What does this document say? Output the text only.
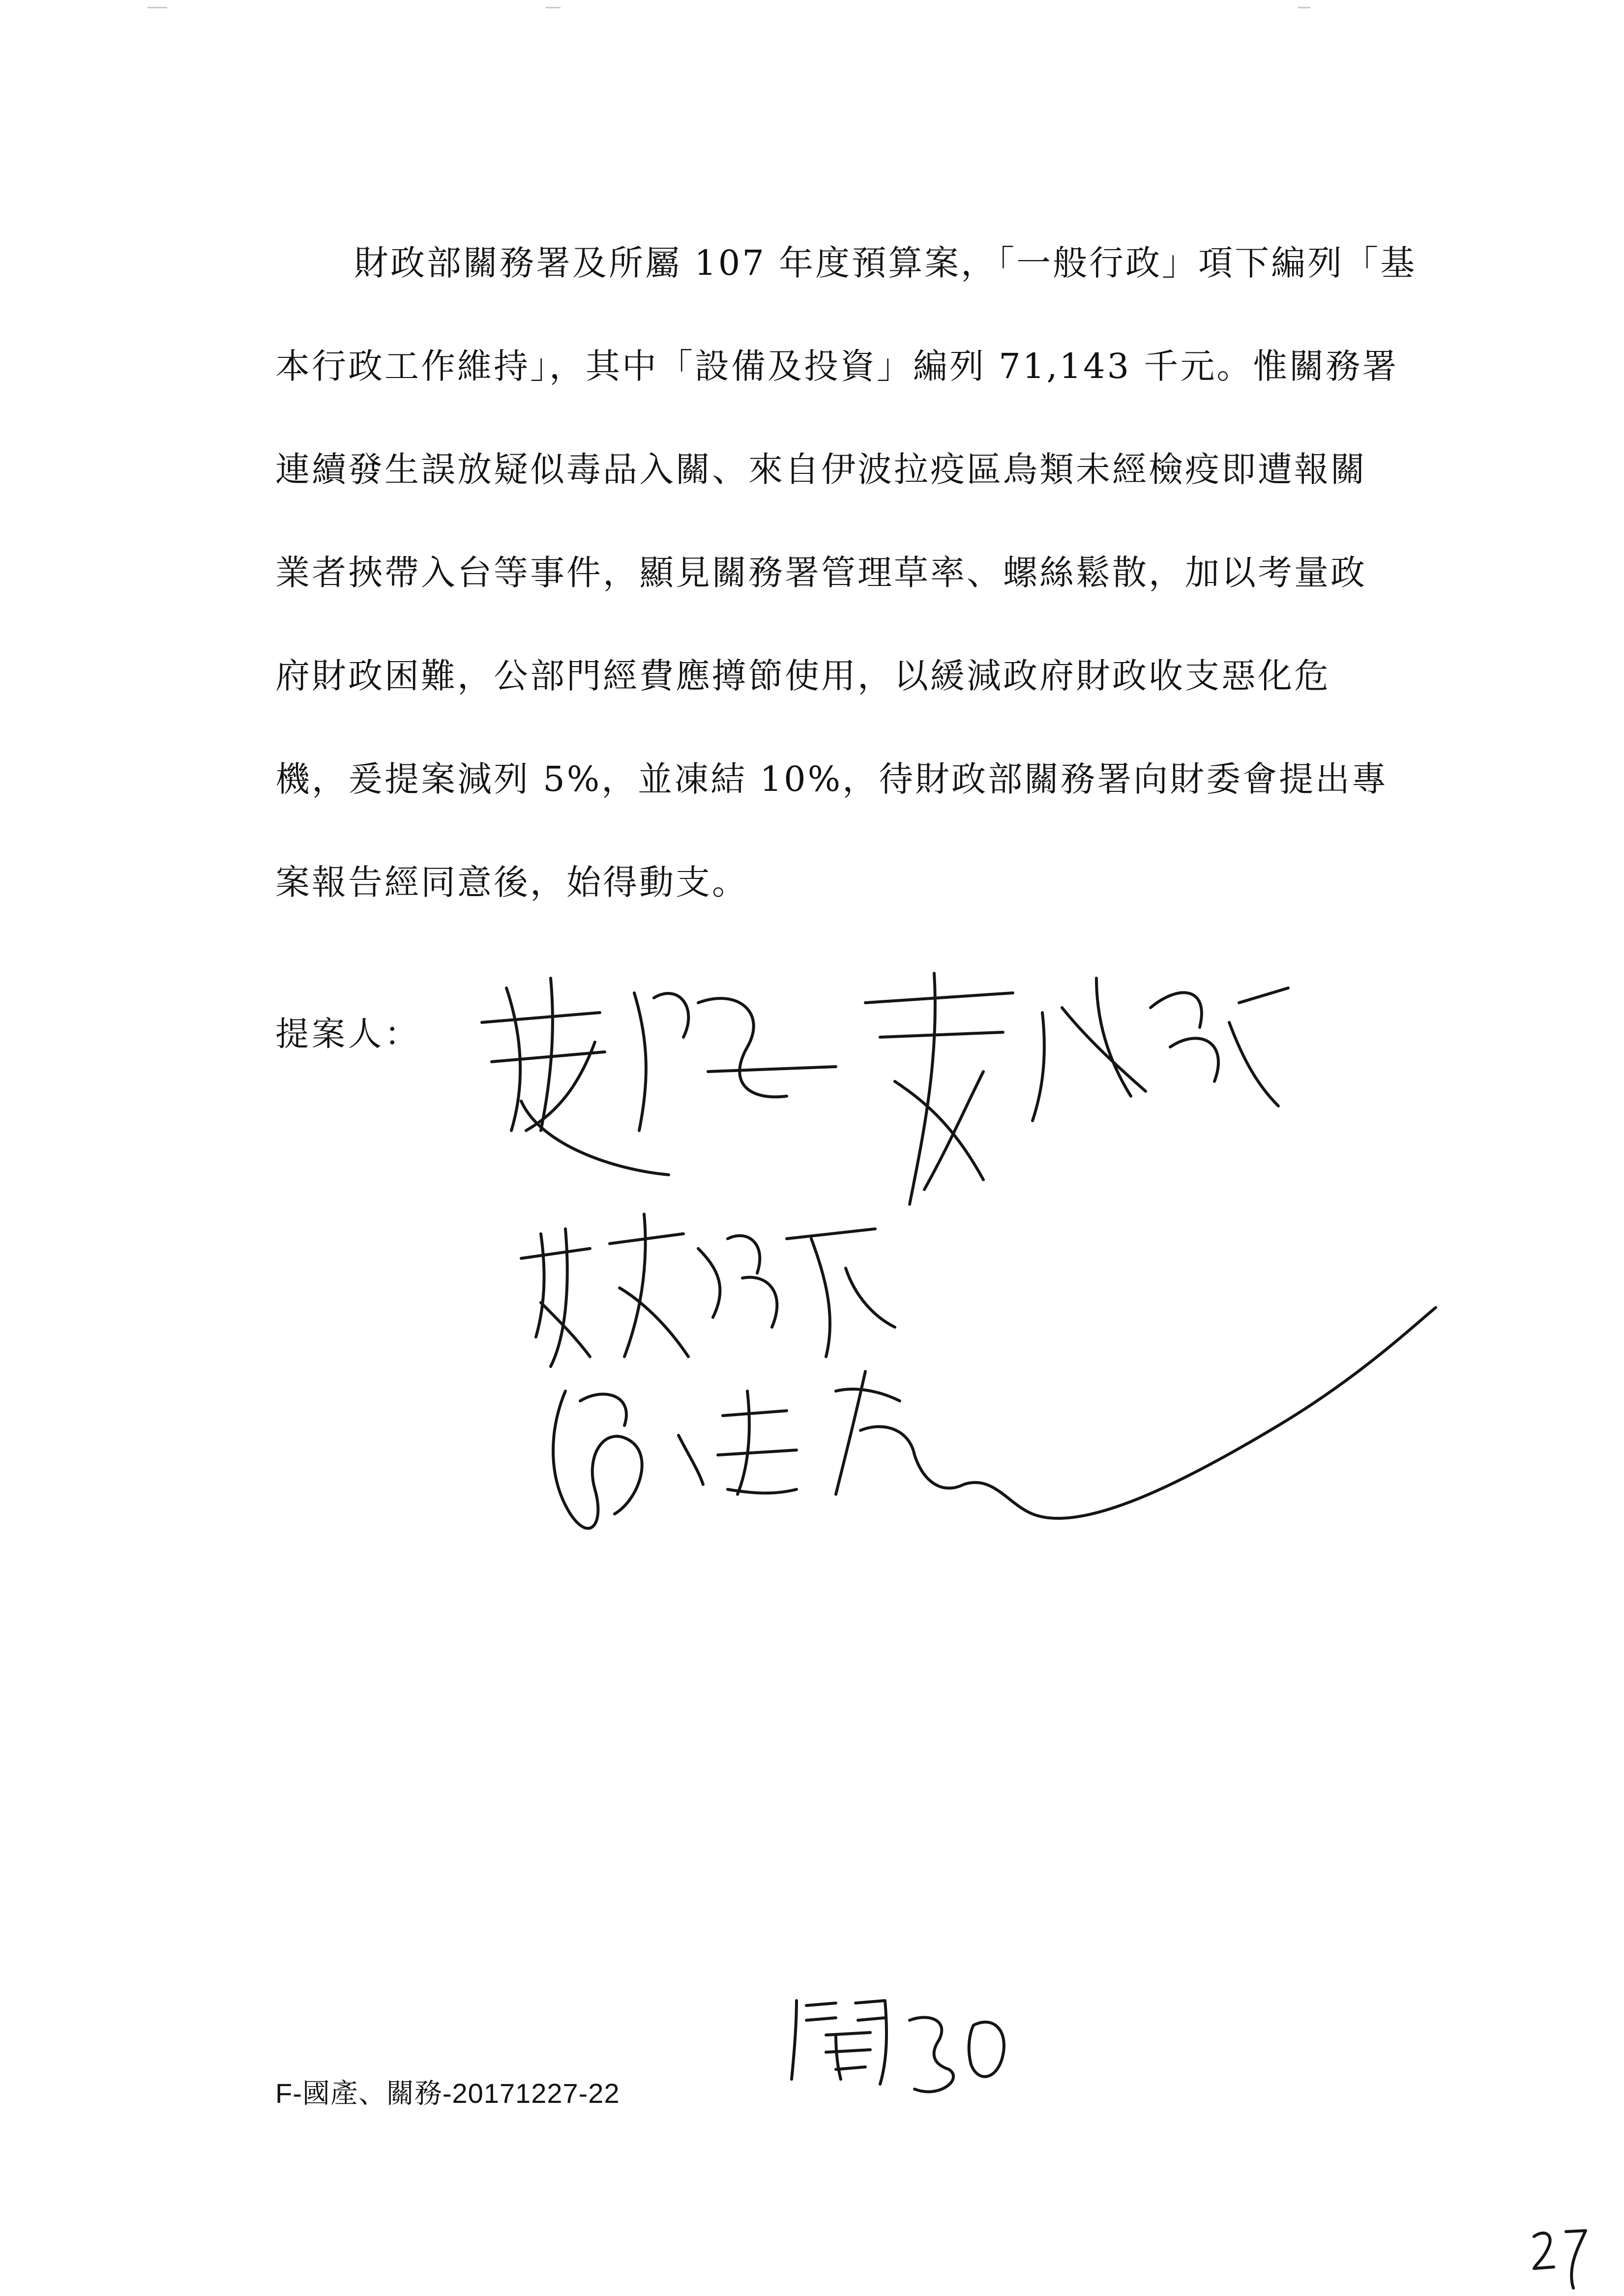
財政部關務署及所屬 107 年度預算案，「一般行政」項下編列「基
本行政工作維持」，其中「設備及投資」編列 71,143 千元。惟關務署
連續發生誤放疑似毒品入關、來自伊波拉疫區鳥類未經檢疫即遭報關
業者挾帶入台等事件，顯見關務署管理草率、螺絲鬆散，加以考量政
府財政困難，公部門經費應撙節使用，以緩減政府財政收支惡化危
機，爰提案減列 5%，並凍結 10%，待財政部關務署向財委會提出專
案報告經同意後，始得動支。

提案人：

F-國產、關務-20171227-22
